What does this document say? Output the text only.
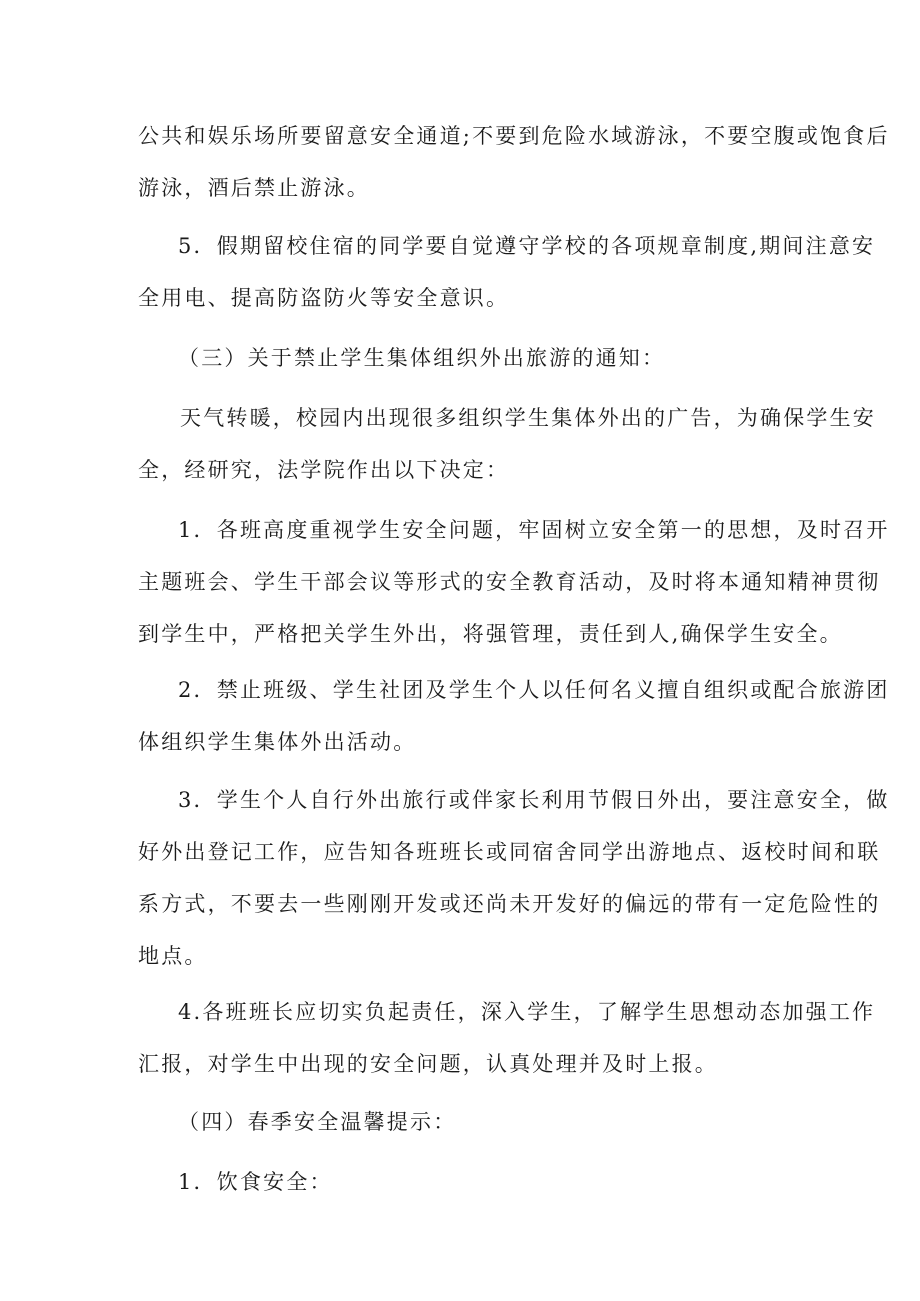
公共和娱乐场所要留意安全通道;不要到危险水域游泳，不要空腹或饱食后
游泳，酒后禁止游泳。
5．假期留校住宿的同学要自觉遵守学校的各项规章制度,期间注意安
全用电、提高防盗防火等安全意识。
（三）关于禁止学生集体组织外出旅游的通知：
天气转暖，校园内出现很多组织学生集体外出的广告，为确保学生安
全，经研究，法学院作出以下决定：
1．各班高度重视学生安全问题，牢固树立安全第一的思想，及时召开
主题班会、学生干部会议等形式的安全教育活动，及时将本通知精神贯彻
到学生中，严格把关学生外出，将强管理，责任到人,确保学生安全。
2．禁止班级、学生社团及学生个人以任何名义擅自组织或配合旅游团
体组织学生集体外出活动。
3．学生个人自行外出旅行或伴家长利用节假日外出，要注意安全，做
好外出登记工作，应告知各班班长或同宿舍同学出游地点、返校时间和联
系方式，不要去一些刚刚开发或还尚未开发好的偏远的带有一定危险性的
地点。
4.各班班长应切实负起责任，深入学生，了解学生思想动态加强工作
汇报，对学生中出现的安全问题，认真处理并及时上报。
（四）春季安全温馨提示：
1．饮食安全：
